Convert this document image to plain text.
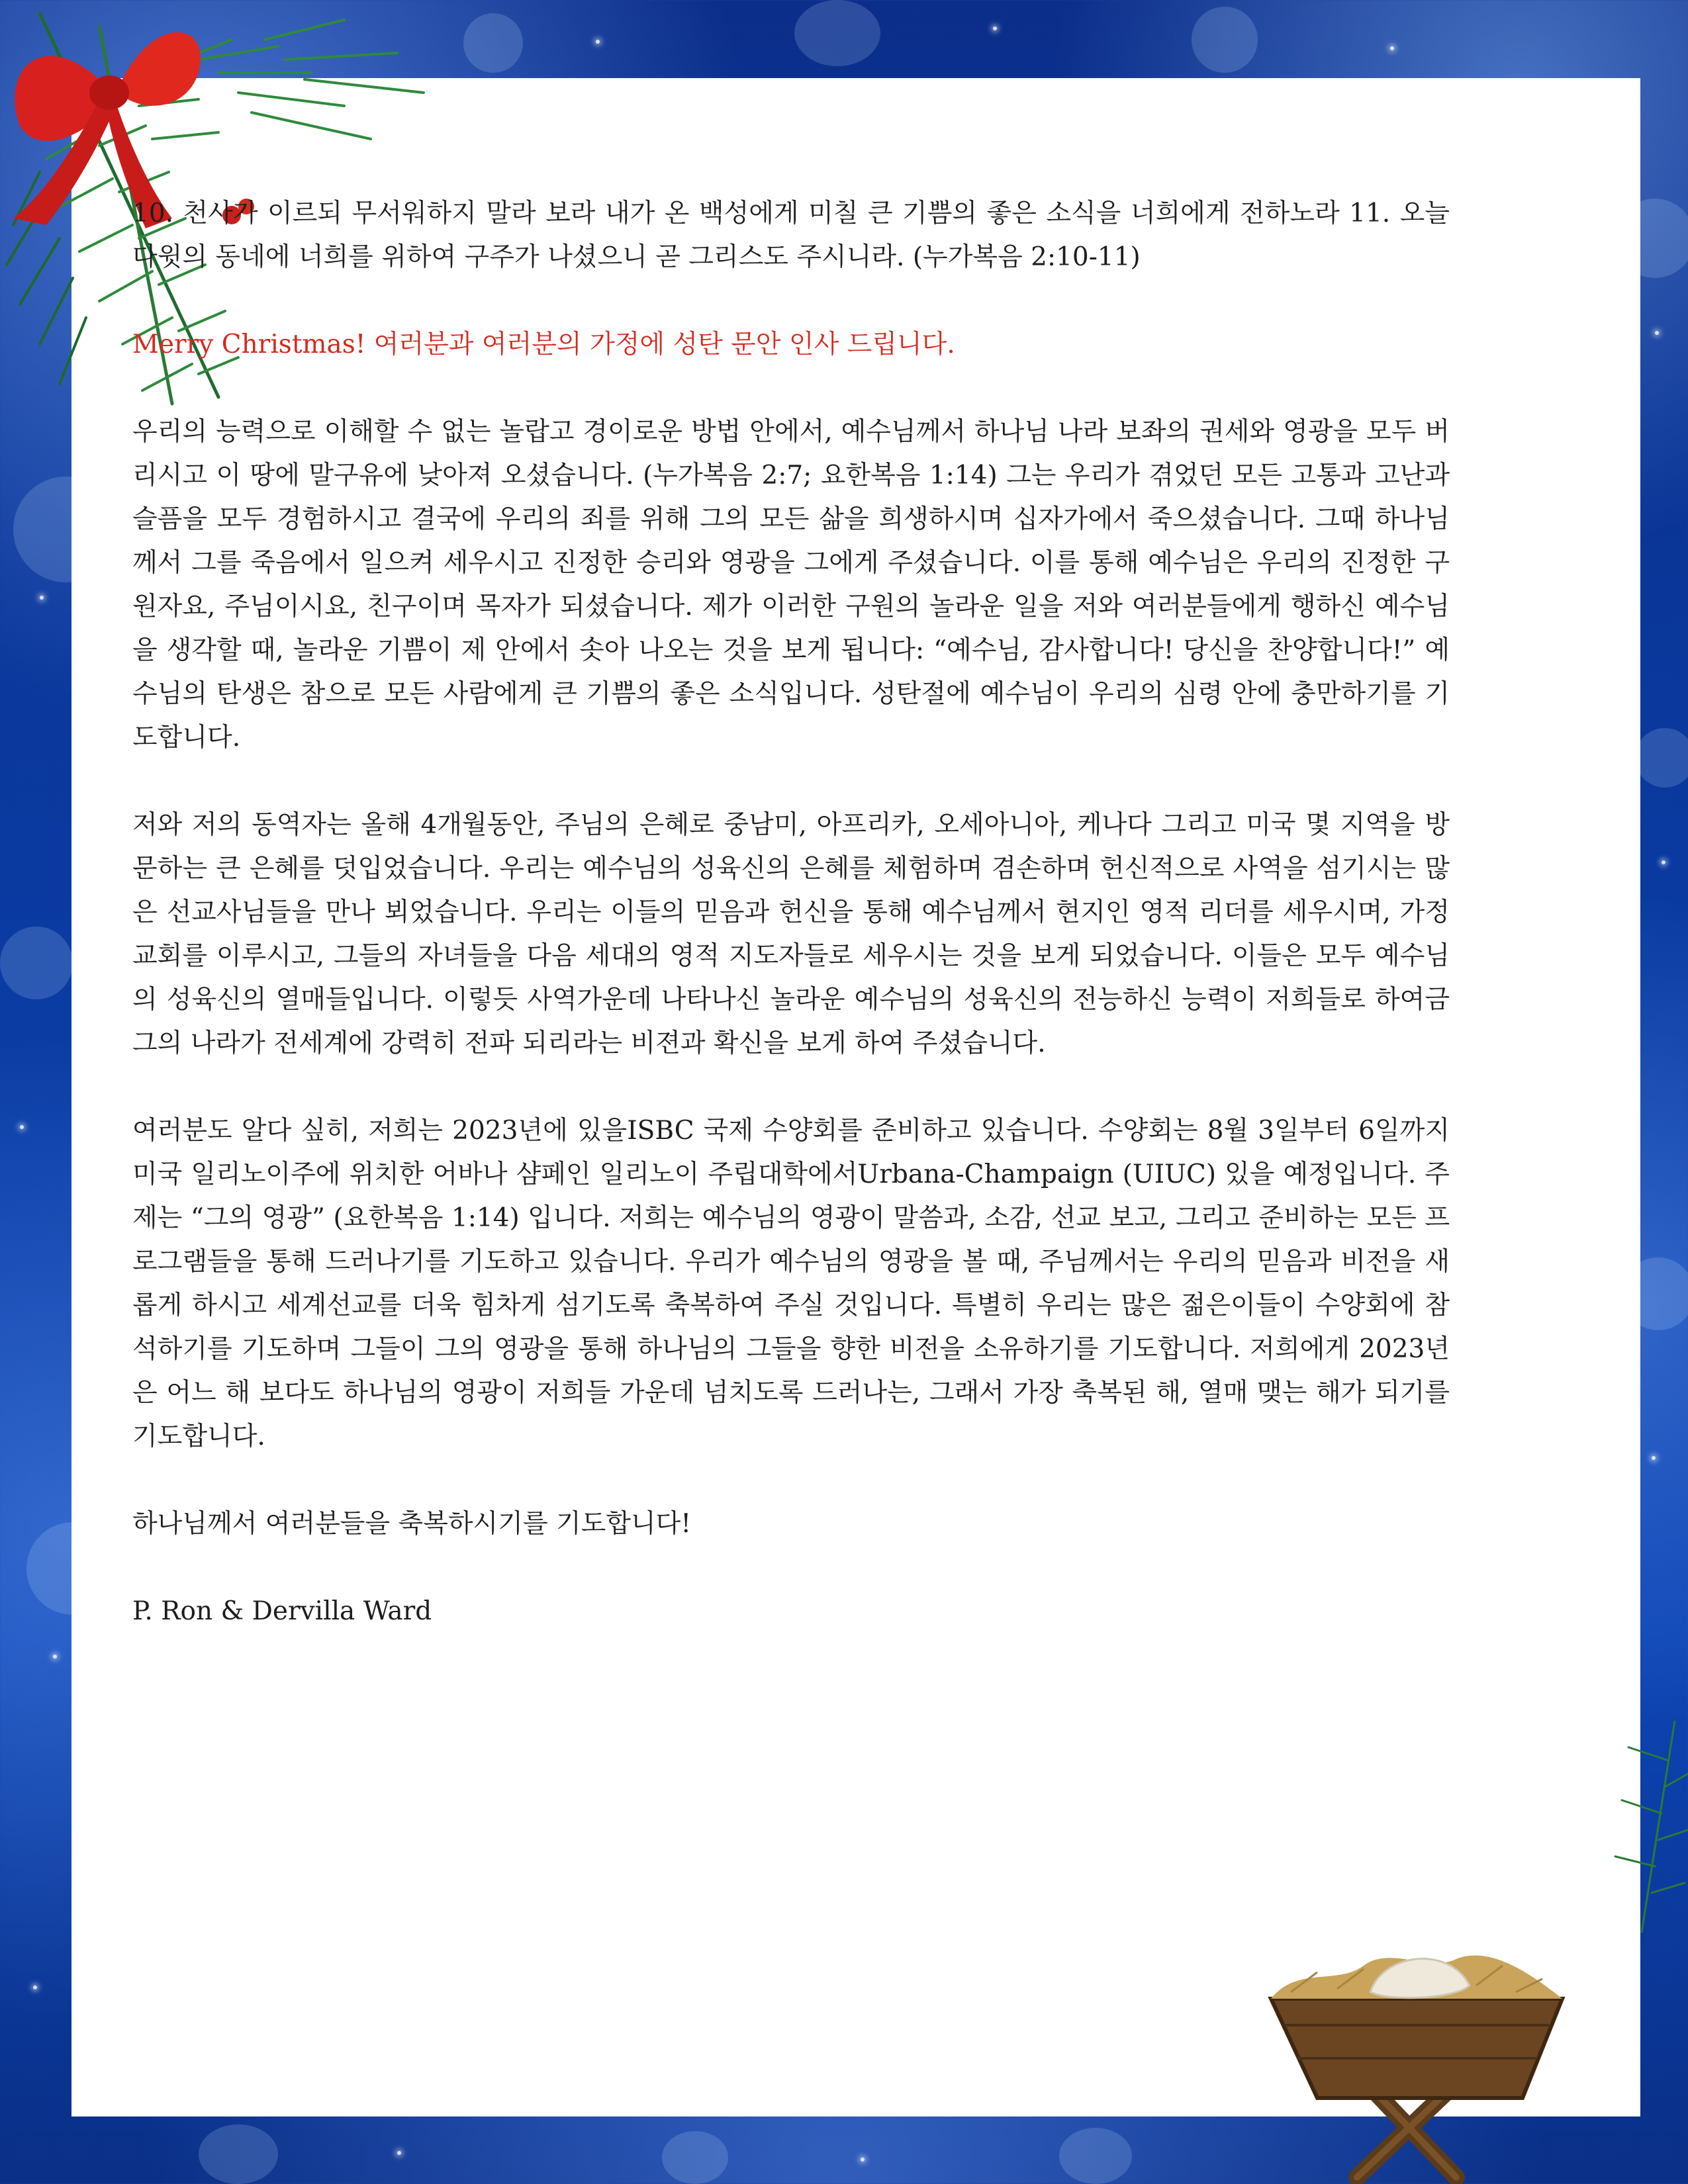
10. 천사가 이르되 무서워하지 말라 보라 내가 온 백성에게 미칠 큰 기쁨의 좋은 소식을 너희에게 전하노라 11. 오늘 다윗의 동네에 너희를 위하여 구주가 나셨으니 곧 그리스도 주시니라. (누가복음 2:10-11)

Merry Christmas! 여러분과 여러분의 가정에 성탄 문안 인사 드립니다.

우리의 능력으로 이해할 수 없는 놀랍고 경이로운 방법 안에서, 예수님께서 하나님 나라 보좌의 권세와 영광을 모두 버리시고 이 땅에 말구유에 낮아져 오셨습니다. (누가복음 2:7; 요한복음 1:14) 그는 우리가 겪었던 모든 고통과 고난과 슬픔을 모두 경험하시고 결국에 우리의 죄를 위해 그의 모든 삶을 희생하시며 십자가에서 죽으셨습니다. 그때 하나님께서 그를 죽음에서 일으켜 세우시고 진정한 승리와 영광을 그에게 주셨습니다. 이를 통해 예수님은 우리의 진정한 구원자요, 주님이시요, 친구이며 목자가 되셨습니다. 제가 이러한 구원의 놀라운 일을 저와 여러분들에게 행하신 예수님을 생각할 때, 놀라운 기쁨이 제 안에서 솟아 나오는 것을 보게 됩니다: “예수님, 감사합니다! 당신을 찬양합니다!” 예수님의 탄생은 참으로 모든 사람에게 큰 기쁨의 좋은 소식입니다. 성탄절에 예수님이 우리의 심령 안에 충만하기를 기도합니다.

저와 저의 동역자는 올해 4개월동안, 주님의 은혜로 중남미, 아프리카, 오세아니아, 케나다 그리고 미국 몇 지역을 방문하는 큰 은혜를 덧입었습니다. 우리는 예수님의 성육신의 은혜를 체험하며 겸손하며 헌신적으로 사역을 섬기시는 많은 선교사님들을 만나 뵈었습니다. 우리는 이들의 믿음과 헌신을 통해 예수님께서 현지인 영적 리더를 세우시며, 가정 교회를 이루시고, 그들의 자녀들을 다음 세대의 영적 지도자들로 세우시는 것을 보게 되었습니다. 이들은 모두 예수님의 성육신의 열매들입니다. 이렇듯 사역가운데 나타나신 놀라운 예수님의 성육신의 전능하신 능력이 저희들로 하여금 그의 나라가 전세계에 강력히 전파 되리라는 비젼과 확신을 보게 하여 주셨습니다.

여러분도 알다 싶히, 저희는 2023년에 있을ISBC 국제 수양회를 준비하고 있습니다. 수양회는 8월 3일부터 6일까지 미국 일리노이주에 위치한 어바나 샴페인 일리노이 주립대학에서Urbana-Champaign (UIUC) 있을 예정입니다. 주제는 “그의 영광” (요한복음 1:14) 입니다. 저희는 예수님의 영광이 말씀과, 소감, 선교 보고, 그리고 준비하는 모든 프로그램들을 통해 드러나기를 기도하고 있습니다. 우리가 예수님의 영광을 볼 때, 주님께서는 우리의 믿음과 비전을 새롭게 하시고 세계선교를 더욱 힘차게 섬기도록 축복하여 주실 것입니다. 특별히 우리는 많은 젊은이들이 수양회에 참석하기를 기도하며 그들이 그의 영광을 통해 하나님의 그들을 향한 비전을 소유하기를 기도합니다. 저희에게 2023년은 어느 해 보다도 하나님의 영광이 저희들 가운데 넘치도록 드러나는, 그래서 가장 축복된 해, 열매 맺는 해가 되기를 기도합니다.

하나님께서 여러분들을 축복하시기를 기도합니다!

P. Ron & Dervilla Ward
